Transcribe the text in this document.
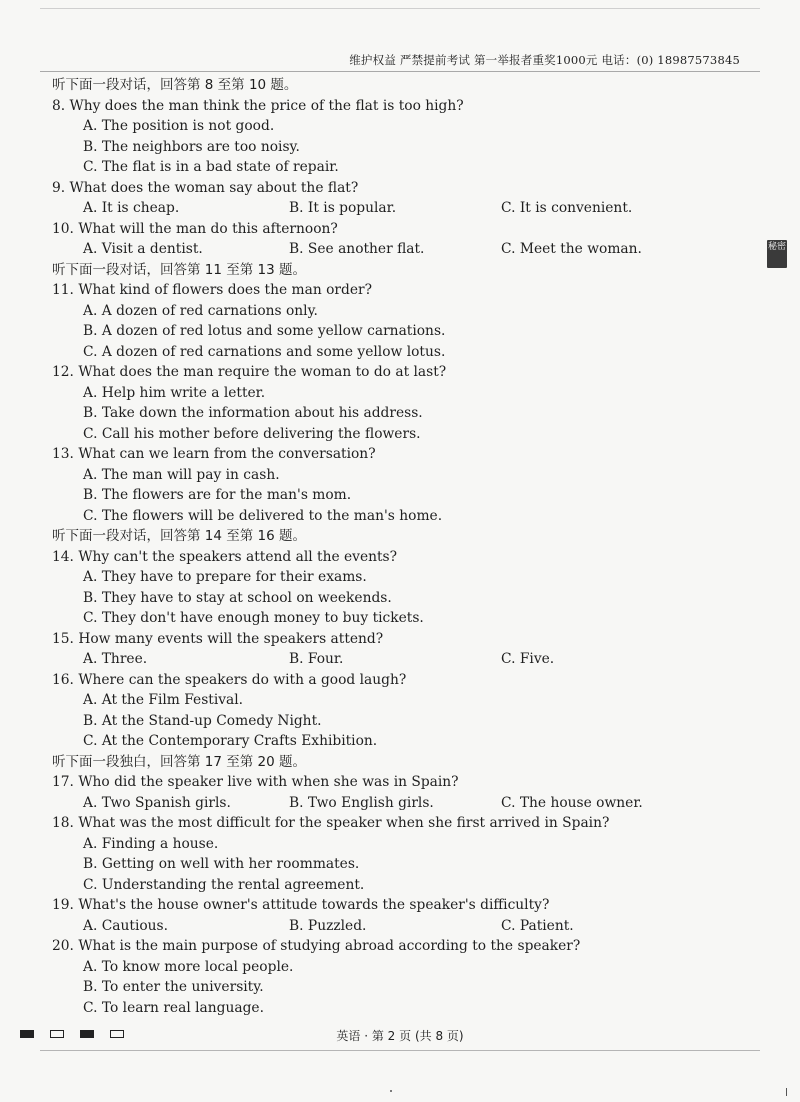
维护权益 严禁提前考试 第一举报者重奖1000元 电话：(0) 18987573845
秘密
听下面一段对话，回答第 8 至第 10 题。
8. Why does the man think the price of the flat is too high?
A. The position is not good.
B. The neighbors are too noisy.
C. The flat is in a bad state of repair.
9. What does the woman say about the flat?
A. It is cheap.	B. It is popular.	C. It is convenient.
10. What will the man do this afternoon?
A. Visit a dentist.	B. See another flat.	C. Meet the woman.
听下面一段对话，回答第 11 至第 13 题。
11. What kind of flowers does the man order?
A. A dozen of red carnations only.
B. A dozen of red lotus and some yellow carnations.
C. A dozen of red carnations and some yellow lotus.
12. What does the man require the woman to do at last?
A. Help him write a letter.
B. Take down the information about his address.
C. Call his mother before delivering the flowers.
13. What can we learn from the conversation?
A. The man will pay in cash.
B. The flowers are for the man's mom.
C. The flowers will be delivered to the man's home.
听下面一段对话，回答第 14 至第 16 题。
14. Why can't the speakers attend all the events?
A. They have to prepare for their exams.
B. They have to stay at school on weekends.
C. They don't have enough money to buy tickets.
15. How many events will the speakers attend?
A. Three.	B. Four.	C. Five.
16. Where can the speakers do with a good laugh?
A. At the Film Festival.
B. At the Stand-up Comedy Night.
C. At the Contemporary Crafts Exhibition.
听下面一段独白，回答第 17 至第 20 题。
17. Who did the speaker live with when she was in Spain?
A. Two Spanish girls.	B. Two English girls.	C. The house owner.
18. What was the most difficult for the speaker when she first arrived in Spain?
A. Finding a house.
B. Getting on well with her roommates.
C. Understanding the rental agreement.
19. What's the house owner's attitude towards the speaker's difficulty?
A. Cautious.	B. Puzzled.	C. Patient.
20. What is the main purpose of studying abroad according to the speaker?
A. To know more local people.
B. To enter the university.
C. To learn real language.
英语 · 第 2 页 (共 8 页)
